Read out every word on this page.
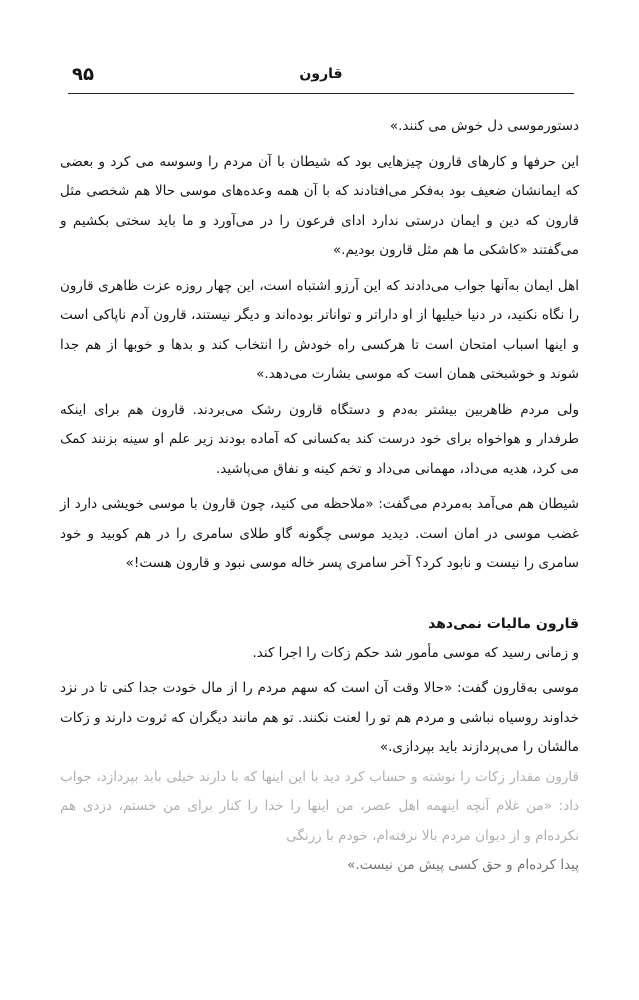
۹۵	قارون

دستورموسی دل خوش می کنند.»

این حرفها و کارهای قارون چیزهایی بود که شیطان با آن مردم را وسوسه می کرد و بعضی که ایمانشان ضعیف بود به‌فکر می‌افتادند که با آن همه وعده‌های موسی حالا هم شخصی مثل قارون که دین و ایمان درستی ندارد ادای فرعون را در می‌آورد و ما باید سختی بکشیم و می‌گفتند «کاشکی ما هم مثل قارون بودیم.»

اهل ایمان به‌آنها جواب می‌دادند که این آرزو اشتباه است، این چهار روزه عزت ظاهری قارون را نگاه نکنید، در دنیا خیلیها از او داراتر و تواناتر بوده‌اند و دیگر نیستند، قارون آدم ناپاکی است و اینها اسباب امتحان است تا هرکسی راه خودش را انتخاب کند و بدها و خوبها از هم جدا شوند و خوشبختی همان است که موسی بشارت می‌دهد.»

ولی مردم ظاهربین بیشتر به‌دم و دستگاه قارون رشک می‌بردند. قارون هم برای اینکه طرفدار و هواخواه برای خود درست کند به‌کسانی که آماده بودند زیر علم او سینه بزنند کمک می کرد، هدیه می‌داد، مهمانی می‌داد و تخم کینه و نفاق می‌پاشید.

شیطان هم می‌آمد به‌مردم می‌گفت: «ملاحظه می کنید، چون قارون با موسی خویشی دارد از غضب موسی در امان است. دیدید موسی چگونه گاو طلای سامری را در هم کوبید و خود سامری را نیست و نابود کرد؟ آخر سامری پسر خاله موسی نبود و قارون هست!»

قارون مالیات نمی‌دهد

و زمانی رسید که موسی مأمور شد حکم زکات را اجرا کند.

موسی به‌قارون گفت: «حالا وقت آن است که سهم مردم را از مال خودت جدا کنی تا در نزد خداوند روسیاه نباشی و مردم هم تو را لعنت نکنند. تو هم مانند دیگران که ثروت دارند و زکات مالشان را می‌پردازند باید بپردازی.»

قارون مقدار زکات را نوشته و حساب کرد دید با این اینها که با دارند خیلی باید بپردازد، جواب داد: «من غلام آنچه اینهمه اهل عصر، من اینها را خدا را کنار برای من خستم، دزدی هم نکرده‌ام و از دیوان مردم بالا نرفته‌ام، خودم با زرنگی

پیدا کرده‌ام و حق کسی پیش من نیست.»
